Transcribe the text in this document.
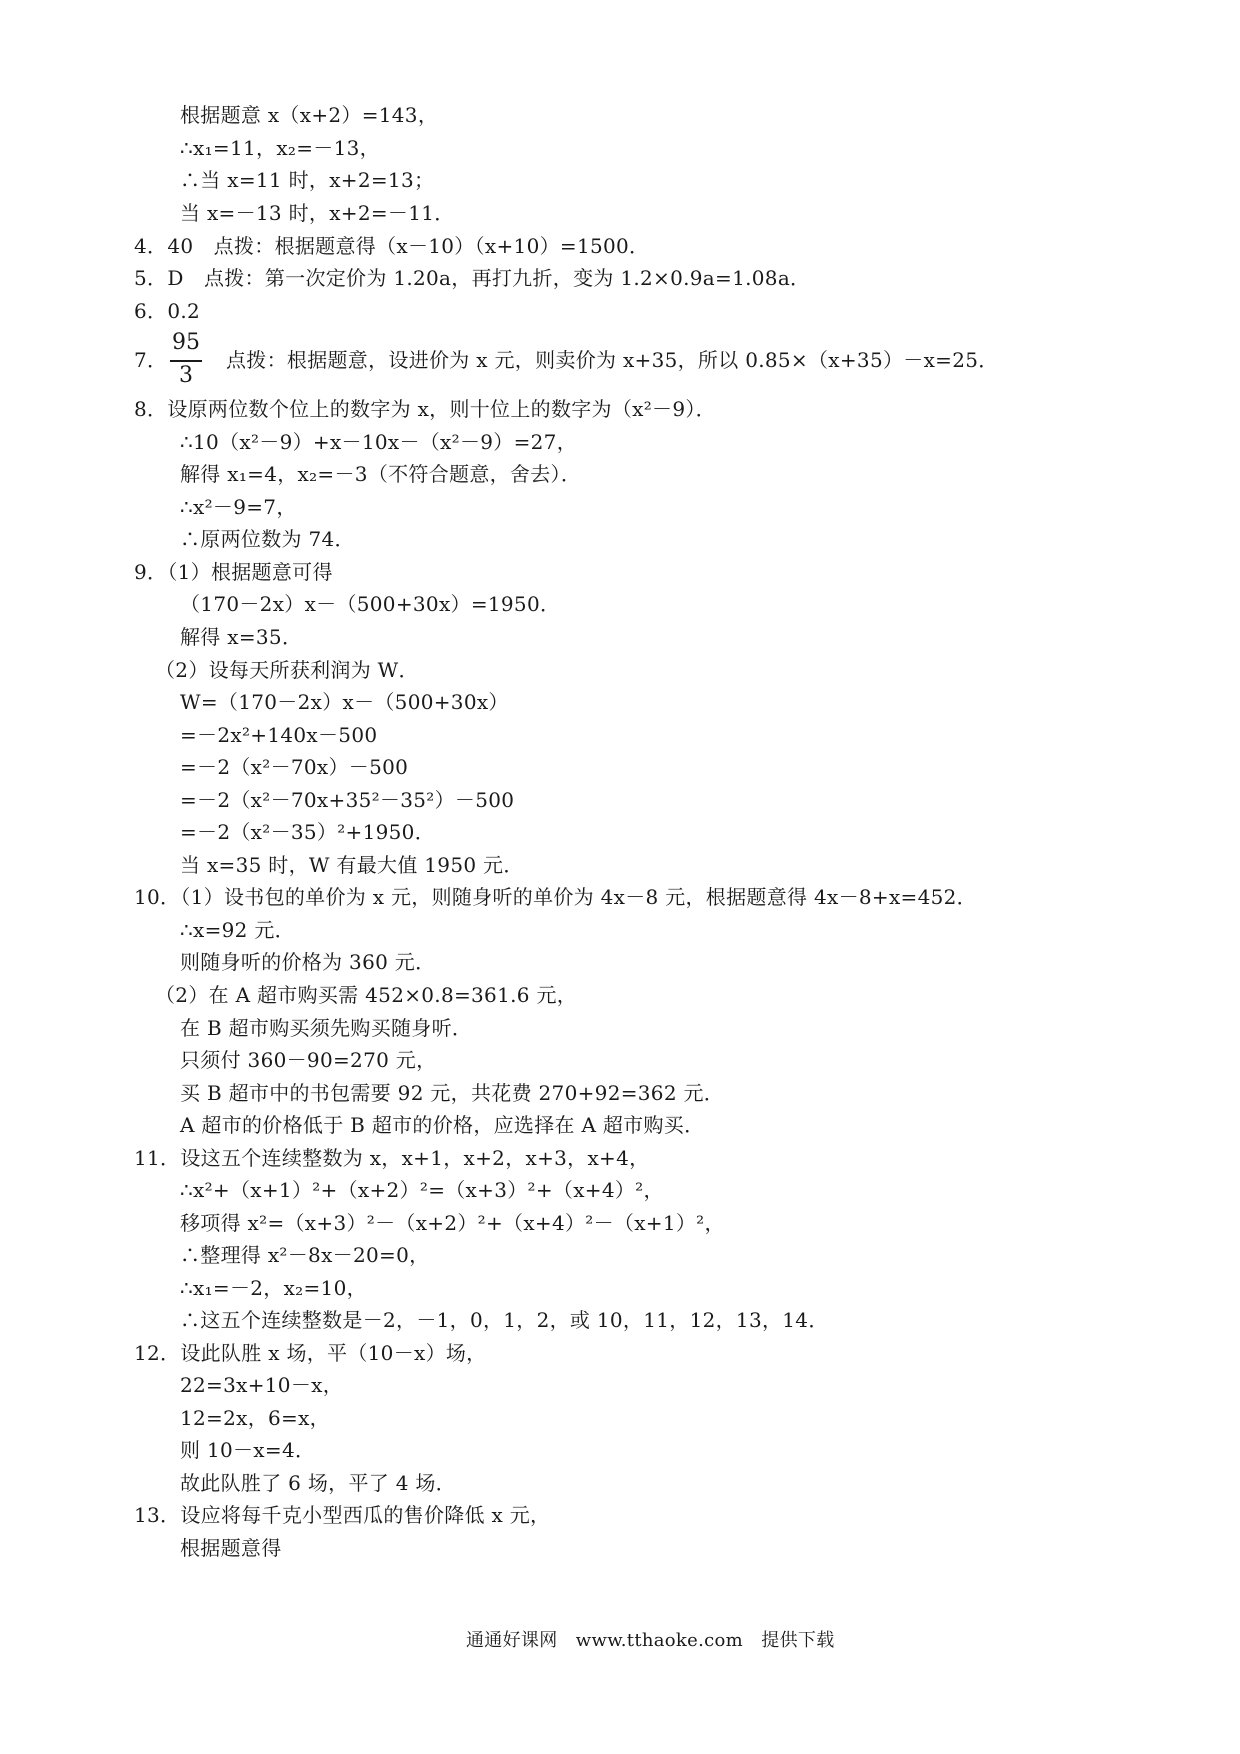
根据题意 x（x+2）=143，
∴x₁=11，x₂=－13，
∴当 x=11 时，x+2=13；
当 x=－13 时，x+2=－11．
4．40　点拨：根据题意得（x－10）（x+10）=1500．
5．D　点拨：第一次定价为 1.20a，再打九折，变为 1.2×0.9a=1.08a．
6．0.2
7．
95
3
点拨：根据题意，设进价为 x 元，则卖价为 x+35，所以 0.85×（x+35）－x=25．
8．设原两位数个位上的数字为 x，则十位上的数字为（x²－9）．
∴10（x²－9）+x－10x－（x²－9）=27，
解得 x₁=4，x₂=－3（不符合题意，舍去）．
∴x²－9=7，
∴原两位数为 74．
9．（1）根据题意可得
（170－2x）x－（500+30x）=1950．
解得 x=35．
（2）设每天所获利润为 W．
W=（170－2x）x－（500+30x）
=－2x²+140x－500
=－2（x²－70x）－500
=－2（x²－70x+35²－35²）－500
=－2（x²－35）²+1950．
当 x=35 时，W 有最大值 1950 元．
10．（1）设书包的单价为 x 元，则随身听的单价为 4x－8 元，根据题意得 4x－8+x=452．
∴x=92 元．
则随身听的价格为 360 元．
（2）在 A 超市购买需 452×0.8=361.6 元，
在 B 超市购买须先购买随身听．
只须付 360－90=270 元，
买 B 超市中的书包需要 92 元，共花费 270+92=362 元．
A 超市的价格低于 B 超市的价格，应选择在 A 超市购买．
11．设这五个连续整数为 x，x+1，x+2，x+3，x+4，
∴x²+（x+1）²+（x+2）²=（x+3）²+（x+4）²，
移项得 x²=（x+3）²－（x+2）²+（x+4）²－（x+1）²，
∴整理得 x²－8x－20=0，
∴x₁=－2，x₂=10，
∴这五个连续整数是－2，－1，0，1，2，或 10，11，12，13，14．
12．设此队胜 x 场，平（10－x）场，
22=3x+10－x，
12=2x，6=x，
则 10－x=4．
故此队胜了 6 场，平了 4 场．
13．设应将每千克小型西瓜的售价降低 x 元，
根据题意得
通通好课网　www.tthaoke.com　提供下载
